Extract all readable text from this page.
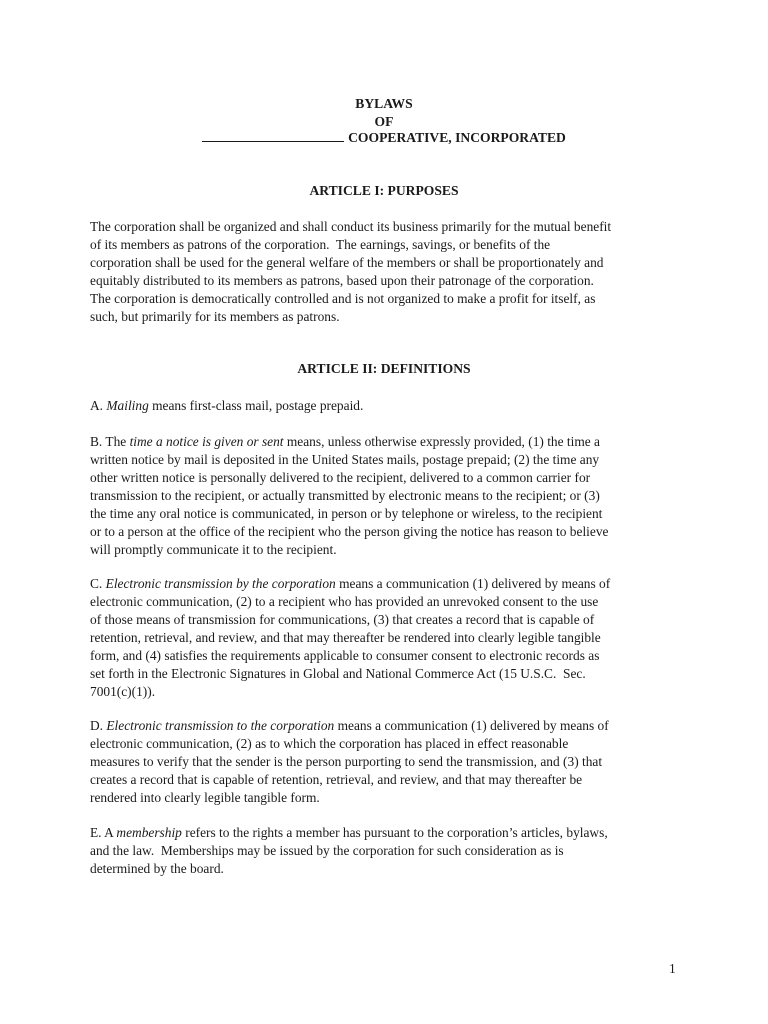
BYLAWS
OF
COOPERATIVE, INCORPORATED
ARTICLE I: PURPOSES

The corporation shall be organized and shall conduct its business primarily for the mutual benefit
of its members as patrons of the corporation.  The earnings, savings, or benefits of the
corporation shall be used for the general welfare of the members or shall be proportionately and
equitably distributed to its members as patrons, based upon their patronage of the corporation.
The corporation is democratically controlled and is not organized to make a profit for itself, as
such, but primarily for its members as patrons.

ARTICLE II: DEFINITIONS

A. Mailing means first-class mail, postage prepaid.

B. The time a notice is given or sent means, unless otherwise expressly provided, (1) the time a
written notice by mail is deposited in the United States mails, postage prepaid; (2) the time any
other written notice is personally delivered to the recipient, delivered to a common carrier for
transmission to the recipient, or actually transmitted by electronic means to the recipient; or (3)
the time any oral notice is communicated, in person or by telephone or wireless, to the recipient
or to a person at the office of the recipient who the person giving the notice has reason to believe
will promptly communicate it to the recipient.

C. Electronic transmission by the corporation means a communication (1) delivered by means of
electronic communication, (2) to a recipient who has provided an unrevoked consent to the use
of those means of transmission for communications, (3) that creates a record that is capable of
retention, retrieval, and review, and that may thereafter be rendered into clearly legible tangible
form, and (4) satisfies the requirements applicable to consumer consent to electronic records as
set forth in the Electronic Signatures in Global and National Commerce Act (15 U.S.C.  Sec.
7001(c)(1)).

D. Electronic transmission to the corporation means a communication (1) delivered by means of
electronic communication, (2) as to which the corporation has placed in effect reasonable
measures to verify that the sender is the person purporting to send the transmission, and (3) that
creates a record that is capable of retention, retrieval, and review, and that may thereafter be
rendered into clearly legible tangible form.

E. A membership refers to the rights a member has pursuant to the corporation’s articles, bylaws,
and the law.  Memberships may be issued by the corporation for such consideration as is
determined by the board.

1
